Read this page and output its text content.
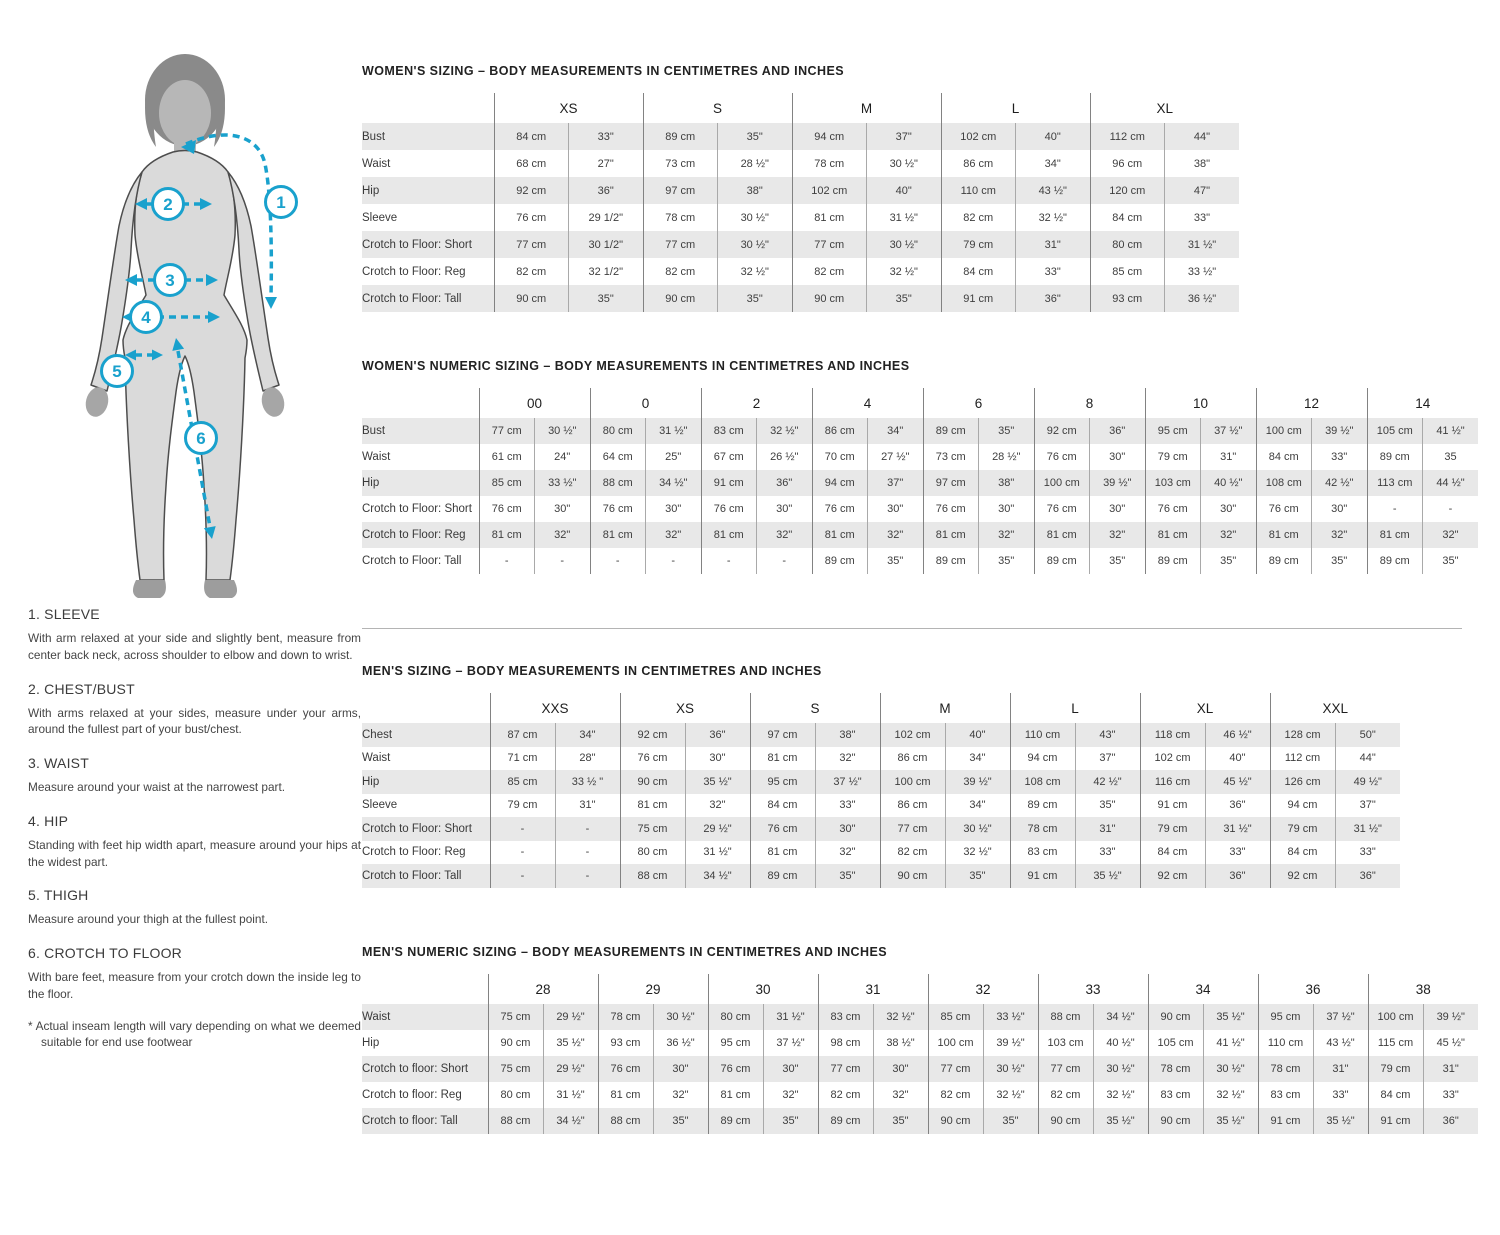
1
2
3
4
5
6
1. SLEEVE

With arm relaxed at your side and slightly bent, measure from center back neck, across shoulder to elbow and down to wrist.

2. CHEST/BUST

With arms relaxed at your sides, measure under your arms, around the fullest part of your bust/chest.

3. WAIST

Measure around your waist at the narrowest part.

4. HIP

Standing with feet hip width apart, measure around your hips at the widest part.

5. THIGH

Measure around your thigh at the fullest point.

6. CROTCH TO FLOOR

With bare feet, measure from your crotch down the inside leg to the floor.

* Actual inseam length will vary depending on what we deemed suitable for end use footwear

WOMEN'S SIZING – BODY MEASUREMENTS IN CENTIMETRES AND INCHES
	XS		S		M		L		XL	
Bust	84 cm	33"	89 cm	35"	94 cm	37"	102 cm	40"	112 cm	44"
Waist	68 cm	27"	73 cm	28 ½"	78 cm	30 ½"	86 cm	34"	96 cm	38"
Hip	92 cm	36"	97 cm	38"	102 cm	40"	110 cm	43 ½"	120 cm	47"
Sleeve	76 cm	29 1/2"	78 cm	30 ½"	81 cm	31 ½"	82 cm	32 ½"	84 cm	33"
Crotch to Floor: Short	77 cm	30 1/2"	77 cm	30 ½"	77 cm	30 ½"	79 cm	31"	80 cm	31 ½"
Crotch to Floor: Reg	82 cm	32 1/2"	82 cm	32 ½"	82 cm	32 ½"	84 cm	33"	85 cm	33 ½"
Crotch to Floor: Tall	90 cm	35"	90 cm	35"	90 cm	35"	91 cm	36"	93 cm	36 ½"
WOMEN'S NUMERIC SIZING – BODY MEASUREMENTS IN CENTIMETRES AND INCHES
	00		0		2		4		6		8		10		12		14	
Bust	77 cm	30 ½"	80 cm	31 ½"	83 cm	32 ½"	86 cm	34"	89 cm	35"	92 cm	36"	95 cm	37 ½"	100 cm	39 ½"	105 cm	41 ½"
Waist	61 cm	24"	64 cm	25"	67 cm	26 ½"	70 cm	27 ½"	73 cm	28 ½"	76 cm	30"	79 cm	31"	84 cm	33"	89 cm	35
Hip	85 cm	33 ½"	88 cm	34 ½"	91 cm	36"	94 cm	37"	97 cm	38"	100 cm	39 ½"	103 cm	40 ½"	108 cm	42 ½"	113 cm	44 ½"
Crotch to Floor: Short	76 cm	30"	76 cm	30"	76 cm	30"	76 cm	30"	76 cm	30"	76 cm	30"	76 cm	30"	76 cm	30"	-	-
Crotch to Floor: Reg	81 cm	32"	81 cm	32"	81 cm	32"	81 cm	32"	81 cm	32"	81 cm	32"	81 cm	32"	81 cm	32"	81 cm	32"
Crotch to Floor: Tall	-	-	-	-	-	-	89 cm	35"	89 cm	35"	89 cm	35"	89 cm	35"	89 cm	35"	89 cm	35"
MEN'S SIZING – BODY MEASUREMENTS IN CENTIMETRES AND INCHES
	XXS		XS		S		M		L		XL		XXL	
Chest	87 cm	34"	92 cm	36"	97 cm	38"	102 cm	40"	110 cm	43"	118 cm	46 ½"	128 cm	50"
Waist	71 cm	28"	76 cm	30"	81 cm	32"	86 cm	34"	94 cm	37"	102 cm	40"	112 cm	44"
Hip	85 cm	33 ½ "	90 cm	35 ½"	95 cm	37 ½"	100 cm	39 ½"	108 cm	42 ½"	116 cm	45 ½"	126 cm	49 ½"
Sleeve	79 cm	31"	81 cm	32"	84 cm	33"	86 cm	34"	89 cm	35"	91 cm	36"	94 cm	37"
Crotch to Floor: Short	-	-	75 cm	29 ½"	76 cm	30"	77 cm	30 ½"	78 cm	31"	79 cm	31 ½"	79 cm	31 ½"
Crotch to Floor: Reg	-	-	80 cm	31 ½"	81 cm	32"	82 cm	32 ½"	83 cm	33"	84 cm	33"	84 cm	33"
Crotch to Floor: Tall	-	-	88 cm	34 ½"	89 cm	35"	90 cm	35"	91 cm	35 ½"	92 cm	36"	92 cm	36"
MEN'S NUMERIC SIZING – BODY MEASUREMENTS IN CENTIMETRES AND INCHES
	28		29		30		31		32		33		34		36		38	
Waist	75 cm	29 ½"	78 cm	30 ½"	80 cm	31 ½"	83 cm	32 ½"	85 cm	33 ½"	88 cm	34 ½"	90 cm	35 ½"	95 cm	37 ½"	100 cm	39 ½"
Hip	90 cm	35 ½"	93 cm	36 ½"	95 cm	37 ½"	98 cm	38 ½"	100 cm	39 ½"	103 cm	40 ½"	105 cm	41 ½"	110 cm	43 ½"	115 cm	45 ½"
Crotch to floor: Short	75 cm	29 ½"	76 cm	30"	76 cm	30"	77 cm	30"	77 cm	30 ½"	77 cm	30 ½"	78 cm	30 ½"	78 cm	31"	79 cm	31"
Crotch to floor: Reg	80 cm	31 ½"	81 cm	32"	81 cm	32"	82 cm	32"	82 cm	32 ½"	82 cm	32 ½"	83 cm	32 ½"	83 cm	33"	84 cm	33"
Crotch to floor: Tall	88 cm	34 ½"	88 cm	35"	89 cm	35"	89 cm	35"	90 cm	35"	90 cm	35 ½"	90 cm	35 ½"	91 cm	35 ½"	91 cm	36"
